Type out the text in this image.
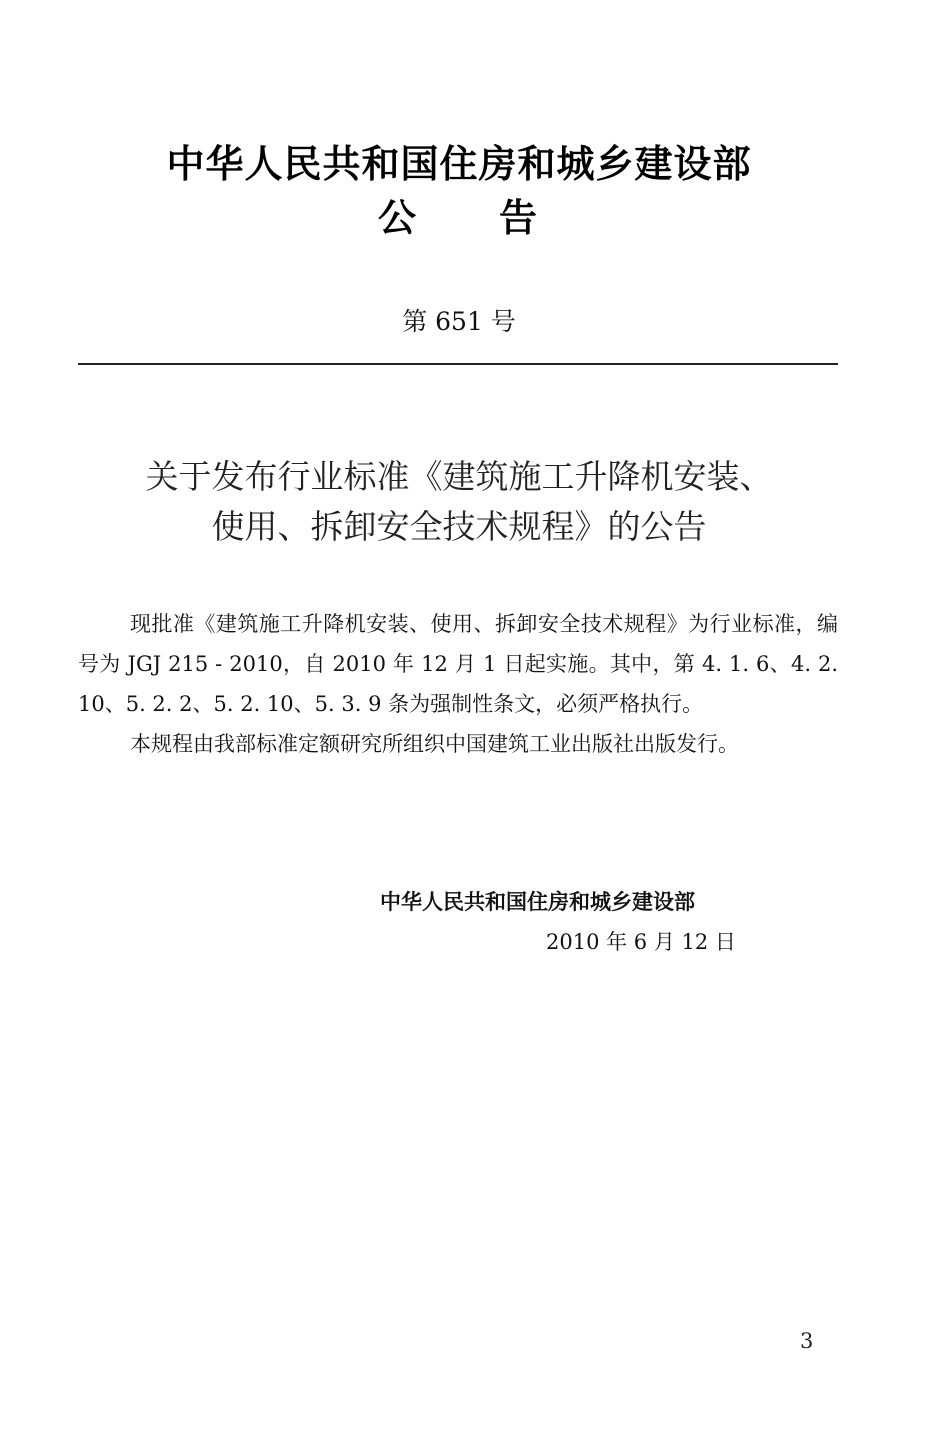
中华人民共和国住房和城乡建设部
公 告
第 651 号
关于发布行业标准《建筑施工升降机安装、
使用、拆卸安全技术规程》的公告

现批准《建筑施工升降机安装、使用、拆卸安全技术规程》为行业标准，编号为 JGJ 215 - 2010，自 2010 年 12 月 1 日起实施。其中，第 4. 1. 6、4. 2. 10、5. 2. 2、5. 2. 10、5. 3. 9 条为强制性条文，必须严格执行。

本规程由我部标准定额研究所组织中国建筑工业出版社出版发行。

中华人民共和国住房和城乡建设部
2010 年 6 月 12 日
3
